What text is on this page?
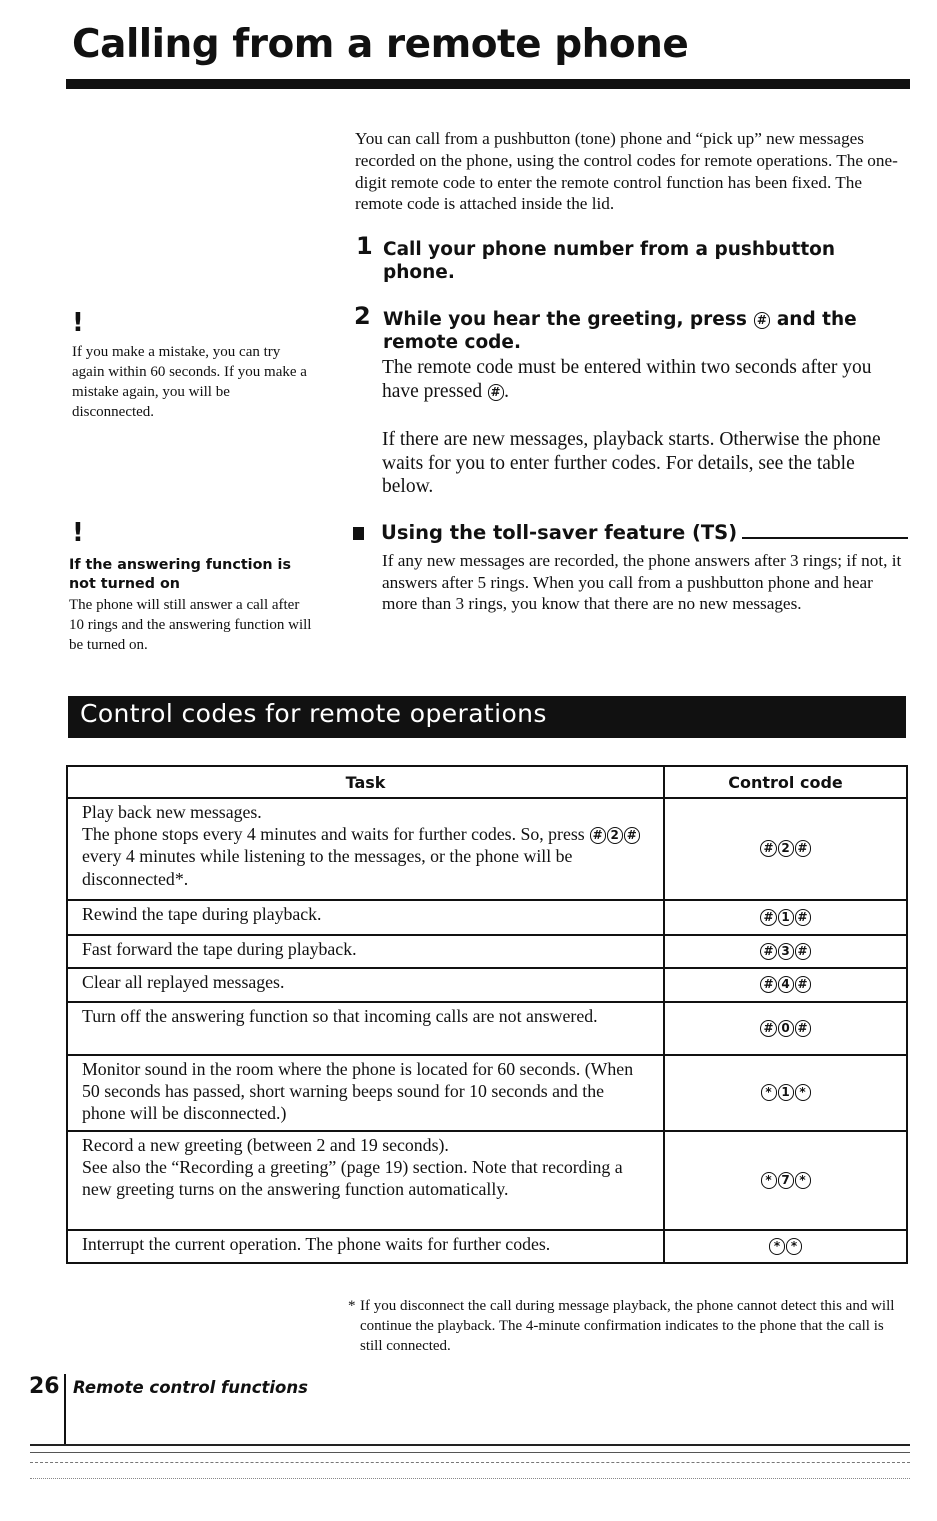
Calling from a remote phone

You can call from a pushbutton (tone) phone and “pick up” new messages recorded on the phone, using the control codes for remote operations. The one-digit remote code to enter the remote control function has been fixed. The remote code is attached inside the lid.

1 Call your phone number from a pushbutton phone.
2 While you hear the greeting, press # and the remote code.
The remote code must be entered within two seconds after you have pressed # .
If there are new messages, playback starts. Otherwise the phone waits for you to enter further codes. For details, see the table below.
!
If you make a mistake, you can try again within 60 seconds. If you make a mistake again, you will be disconnected.
!
If the answering function is not turned on
The phone will still answer a call after 10 rings and the answering function will be turned on.
Using the toll-saver feature (TS)
If any new messages are recorded, the phone answers after 3 rings; if not, it answers after 5 rings. When you call from a pushbutton phone and hear more than 3 rings, you know that there are no new messages.
Control codes for remote operations
Task	Control code

Play back new messages.
The phone stops every 4 minutes and waits for further codes. So, press # 2 # every 4 minutes while listening to the messages, or the phone will be disconnected*.	# 2 #
Rewind the tape during playback.	# 1 #
Fast forward the tape during playback.	# 3 #
Clear all replayed messages.	# 4 #
Turn off the answering function so that incoming calls are not answered.	# 0 #
Monitor sound in the room where the phone is located for 60 seconds. (When 50 seconds has passed, short warning beeps sound for 10 seconds and the phone will be disconnected.)	* 1 *

Record a new greeting (between 2 and 19 seconds).
See also the “Recording a greeting” (page 19) section. Note that recording a new greeting turns on the answering function automatically.	* 7 *
Interrupt the current operation. The phone waits for further codes.	* *
* If you disconnect the call during message playback, the phone cannot detect this and will continue the playback. The 4-minute confirmation indicates to the phone that the call is still connected.
26 Remote control functions
